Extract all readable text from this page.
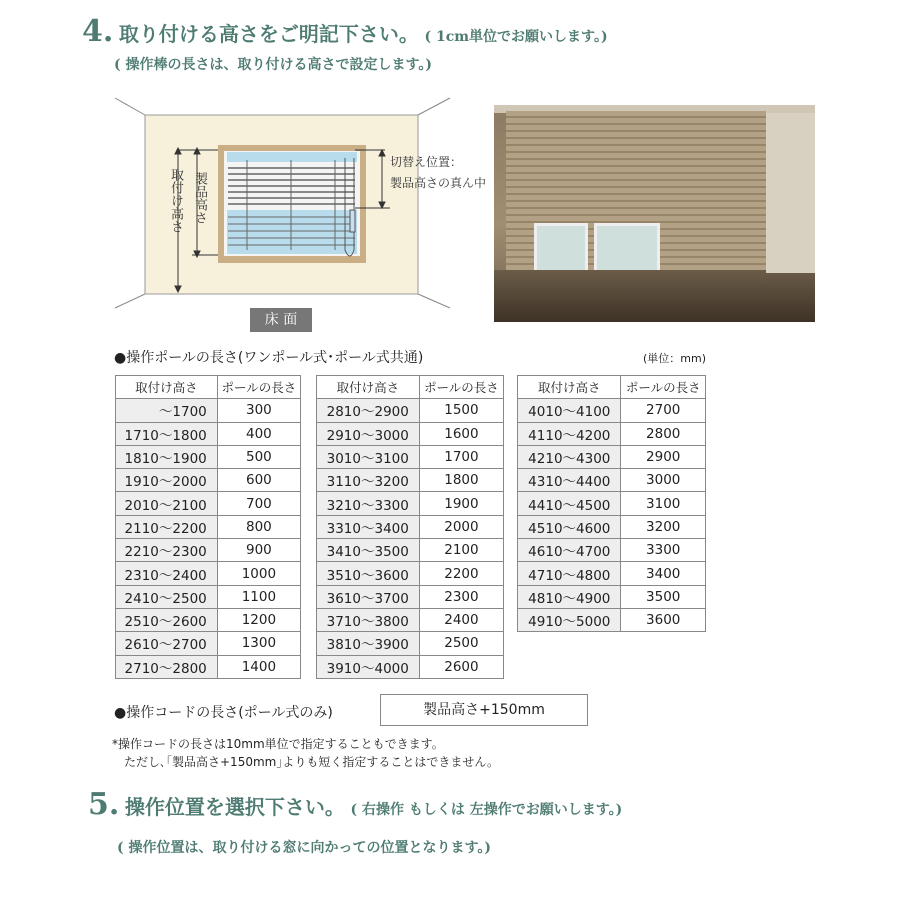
4. 取り付ける高さをご明記下さい。 ( 1cm単位でお願いします。)
( 操作棒の長さは、取り付ける高さで設定します。)
取付け高さ 製品高さ
切替え位置：
製品高さの真ん中
床 面
●操作ポールの長さ(ワンポール式･ポール式共通)	(単位：mm)
取付け高さ	ポールの長さ
～1700	300
1710～1800	400
1810～1900	500
1910～2000	600
2010～2100	700
2110～2200	800
2210～2300	900
2310～2400	1000
2410～2500	1100
2510～2600	1200
2610～2700	1300
2710～2800	1400
取付け高さ	ポールの長さ
2810～2900	1500
2910～3000	1600
3010～3100	1700
3110～3200	1800
3210～3300	1900
3310～3400	2000
3410～3500	2100
3510～3600	2200
3610～3700	2300
3710～3800	2400
3810～3900	2500
3910～4000	2600
取付け高さ	ポールの長さ
4010～4100	2700
4110～4200	2800
4210～4300	2900
4310～4400	3000
4410～4500	3100
4510～4600	3200
4610～4700	3300
4710～4800	3400
4810～4900	3500
4910～5000	3600
●操作コードの長さ(ポール式のみ)	製品高さ+150mm
*操作コードの長さは10mm単位で指定することもできます。
ただし､｢製品高さ+150mm｣よりも短く指定することはできません。
5. 操作位置を選択下さい。 ( 右操作 もしくは 左操作でお願いします。)
( 操作位置は、取り付ける窓に向かっての位置となります。)
